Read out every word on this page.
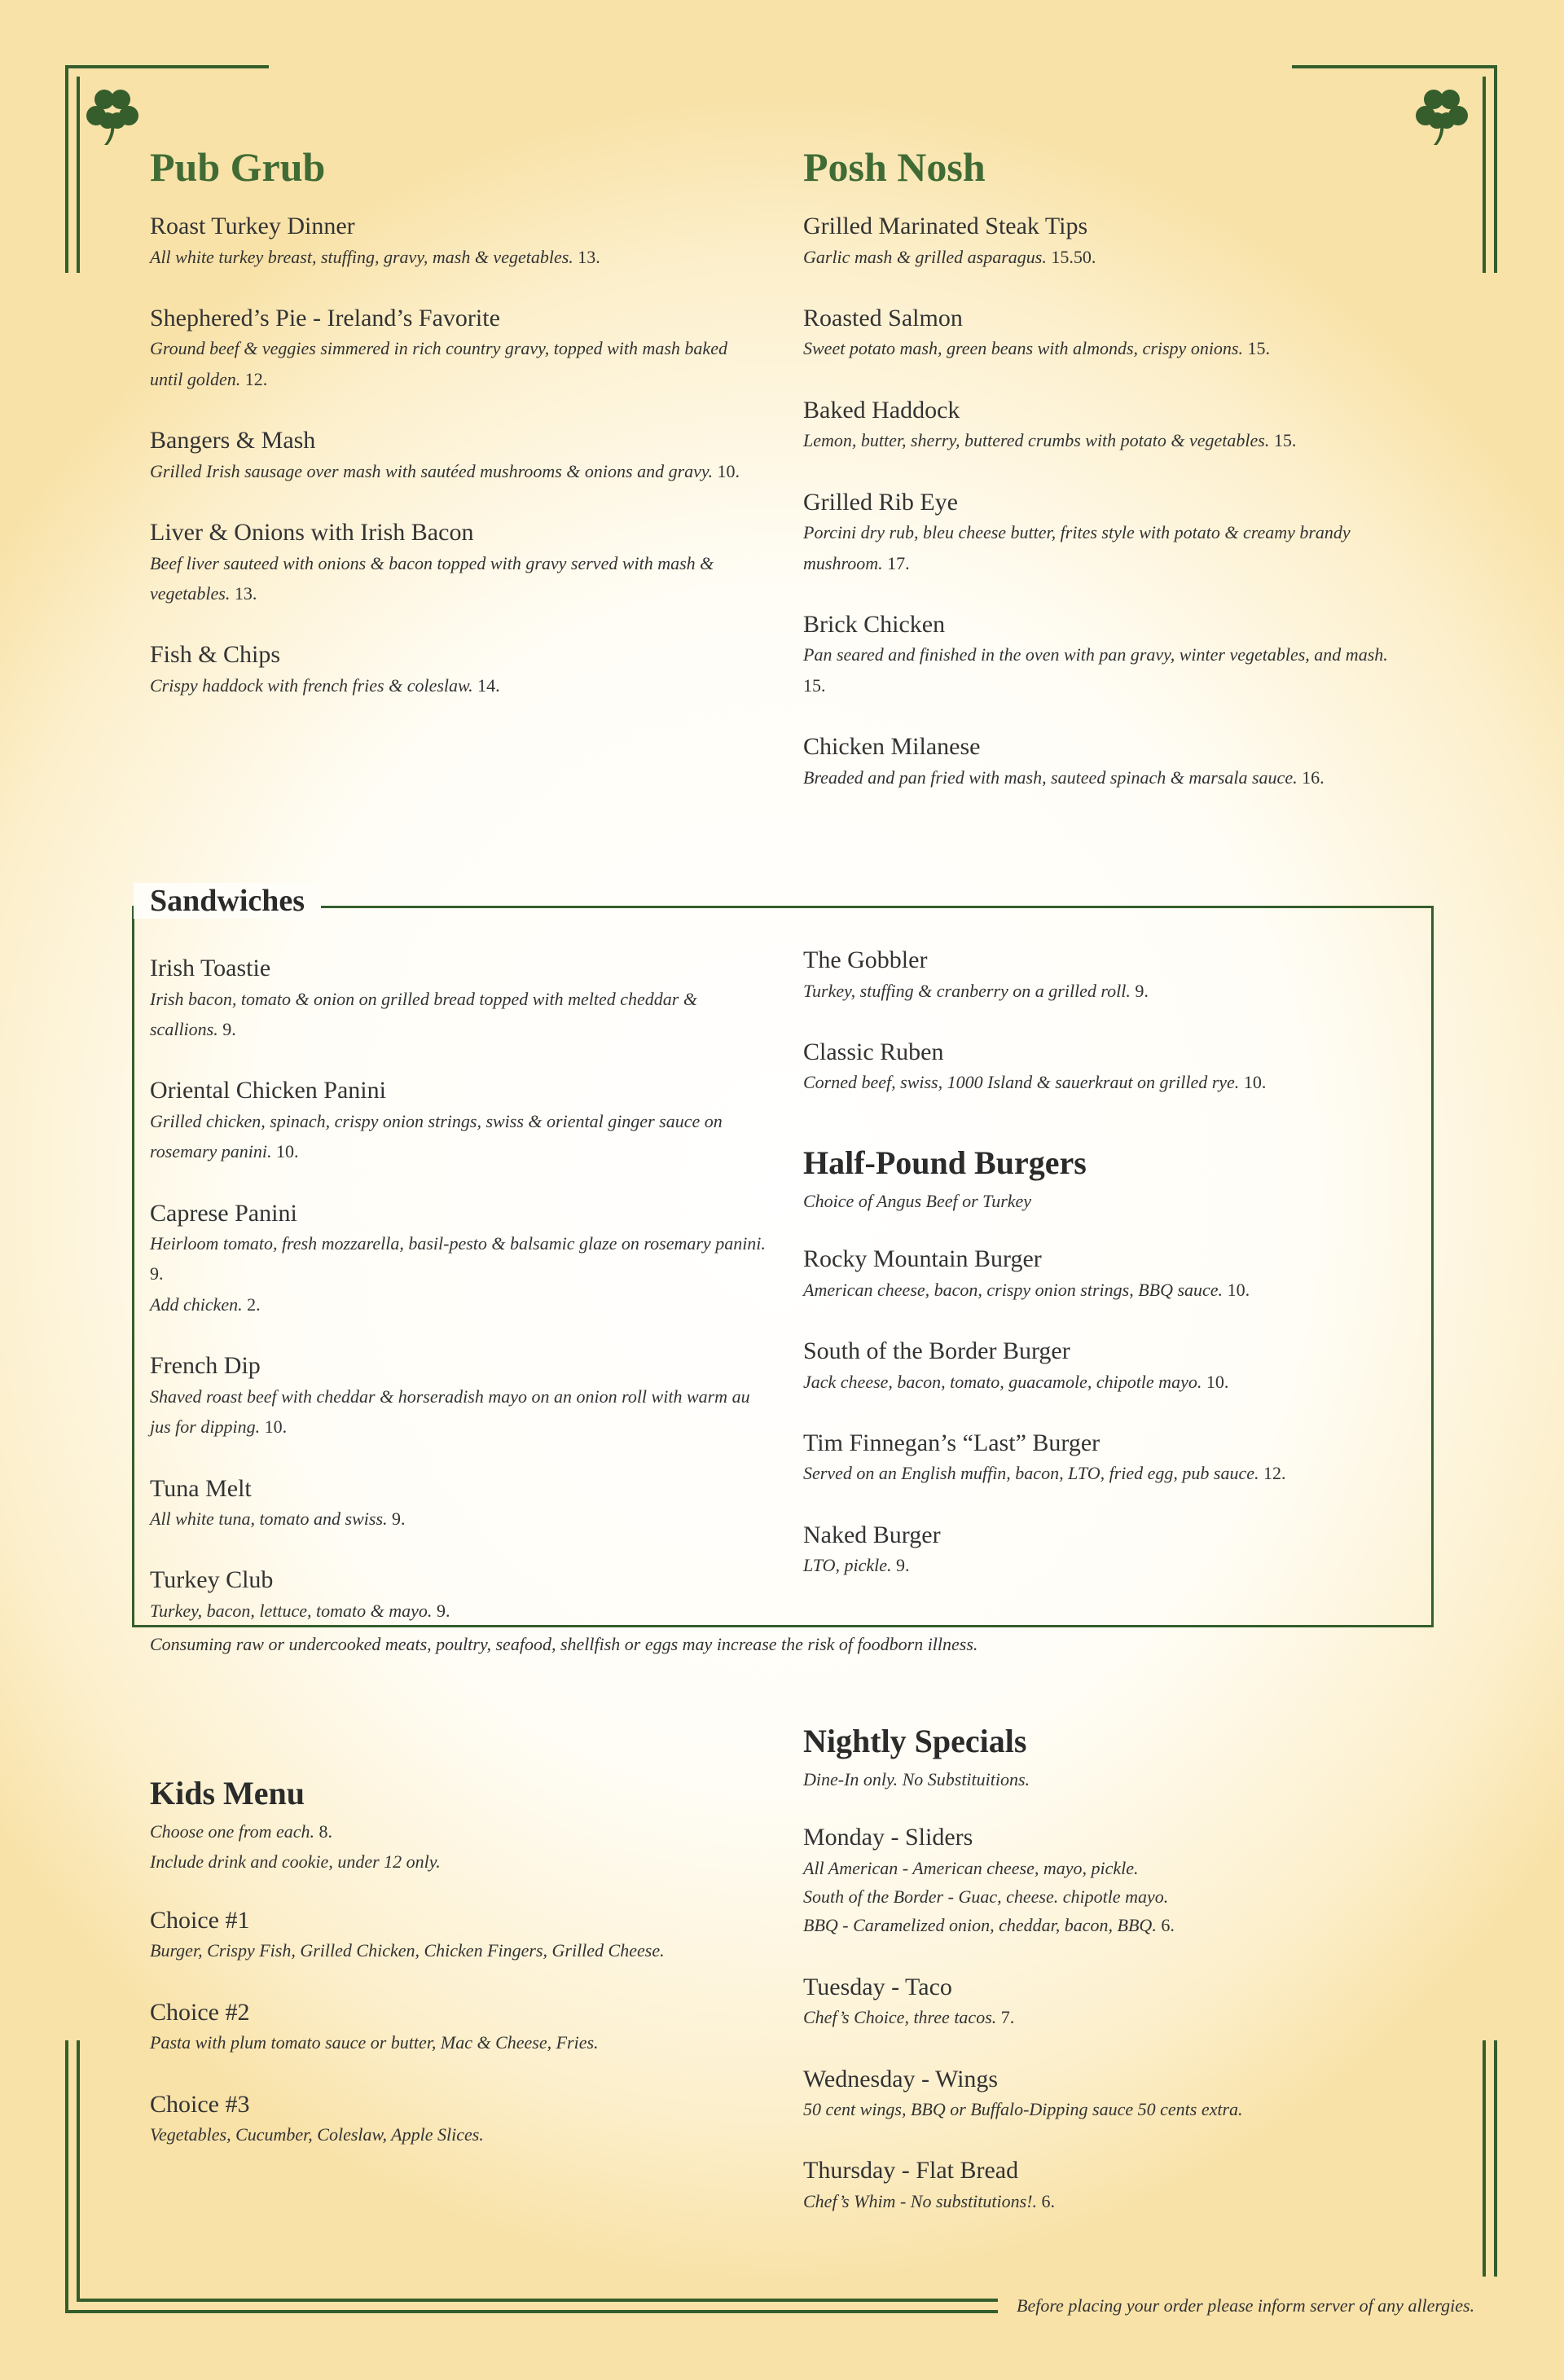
Pub Grub
Roast Turkey Dinner
All white turkey breast, stuffing, gravy, mash & vegetables. 13.
Shephered’s Pie - Ireland’s Favorite
Ground beef & veggies simmered in rich country gravy, topped with mash baked until golden. 12.
Bangers & Mash
Grilled Irish sausage over mash with sautéed mushrooms & onions and gravy. 10.
Liver & Onions with Irish Bacon
Beef liver sauteed with onions & bacon topped with gravy served with mash & vegetables. 13.
Fish & Chips
Crispy haddock with french fries & coleslaw. 14.
Posh Nosh
Grilled Marinated Steak Tips
Garlic mash & grilled asparagus. 15.50.
Roasted Salmon
Sweet potato mash, green beans with almonds, crispy onions. 15.
Baked Haddock
Lemon, butter, sherry, buttered crumbs with potato & vegetables. 15.
Grilled Rib Eye
Porcini dry rub, bleu cheese butter, frites style with potato & creamy brandy mushroom. 17.
Brick Chicken
Pan seared and finished in the oven with pan gravy, winter vegetables, and mash. 15.
Chicken Milanese
Breaded and pan fried with mash, sauteed spinach & marsala sauce. 16.
Sandwiches
Irish Toastie
Irish bacon, tomato & onion on grilled bread topped with melted cheddar & scallions. 9.
Oriental Chicken Panini
Grilled chicken, spinach, crispy onion strings, swiss & oriental ginger sauce on rosemary panini. 10.
Caprese Panini
Heirloom tomato, fresh mozzarella, basil-pesto & balsamic glaze on rosemary panini. 9.
Add chicken. 2.
French Dip
Shaved roast beef with cheddar & horseradish mayo on an onion roll with warm au jus for dipping. 10.
Tuna Melt
All white tuna, tomato and swiss. 9.
Turkey Club
Turkey, bacon, lettuce, tomato & mayo. 9.
The Gobbler
Turkey, stuffing & cranberry on a grilled roll. 9.
Classic Ruben
Corned beef, swiss, 1000 Island & sauerkraut on grilled rye. 10.
Half-Pound Burgers
Choice of Angus Beef or Turkey
Rocky Mountain Burger
American cheese, bacon, crispy onion strings, BBQ sauce. 10.
South of the Border Burger
Jack cheese, bacon, tomato, guacamole, chipotle mayo. 10.
Tim Finnegan’s “Last” Burger
Served on an English muffin, bacon, LTO, fried egg, pub sauce. 12.
Naked Burger
LTO, pickle. 9.
Consuming raw or undercooked meats, poultry, seafood, shellfish or eggs may increase the risk of foodborn illness.
Kids Menu
Choose one from each. 8.
Include drink and cookie, under 12 only.
Choice #1
Burger, Crispy Fish, Grilled Chicken, Chicken Fingers, Grilled Cheese.
Choice #2
Pasta with plum tomato sauce or butter, Mac & Cheese, Fries.
Choice #3
Vegetables, Cucumber, Coleslaw, Apple Slices.
Nightly Specials
Dine-In only. No Substituitions.
Monday - Sliders
All American - American cheese, mayo, pickle.
South of the Border - Guac, cheese. chipotle mayo.
BBQ - Caramelized onion, cheddar, bacon, BBQ. 6.
Tuesday - Taco
Chef’s Choice, three tacos. 7.
Wednesday - Wings
50 cent wings, BBQ or Buffalo-Dipping sauce 50 cents extra.
Thursday - Flat Bread
Chef’s Whim - No substitutions!. 6.
Before placing your order please inform server of any allergies.
